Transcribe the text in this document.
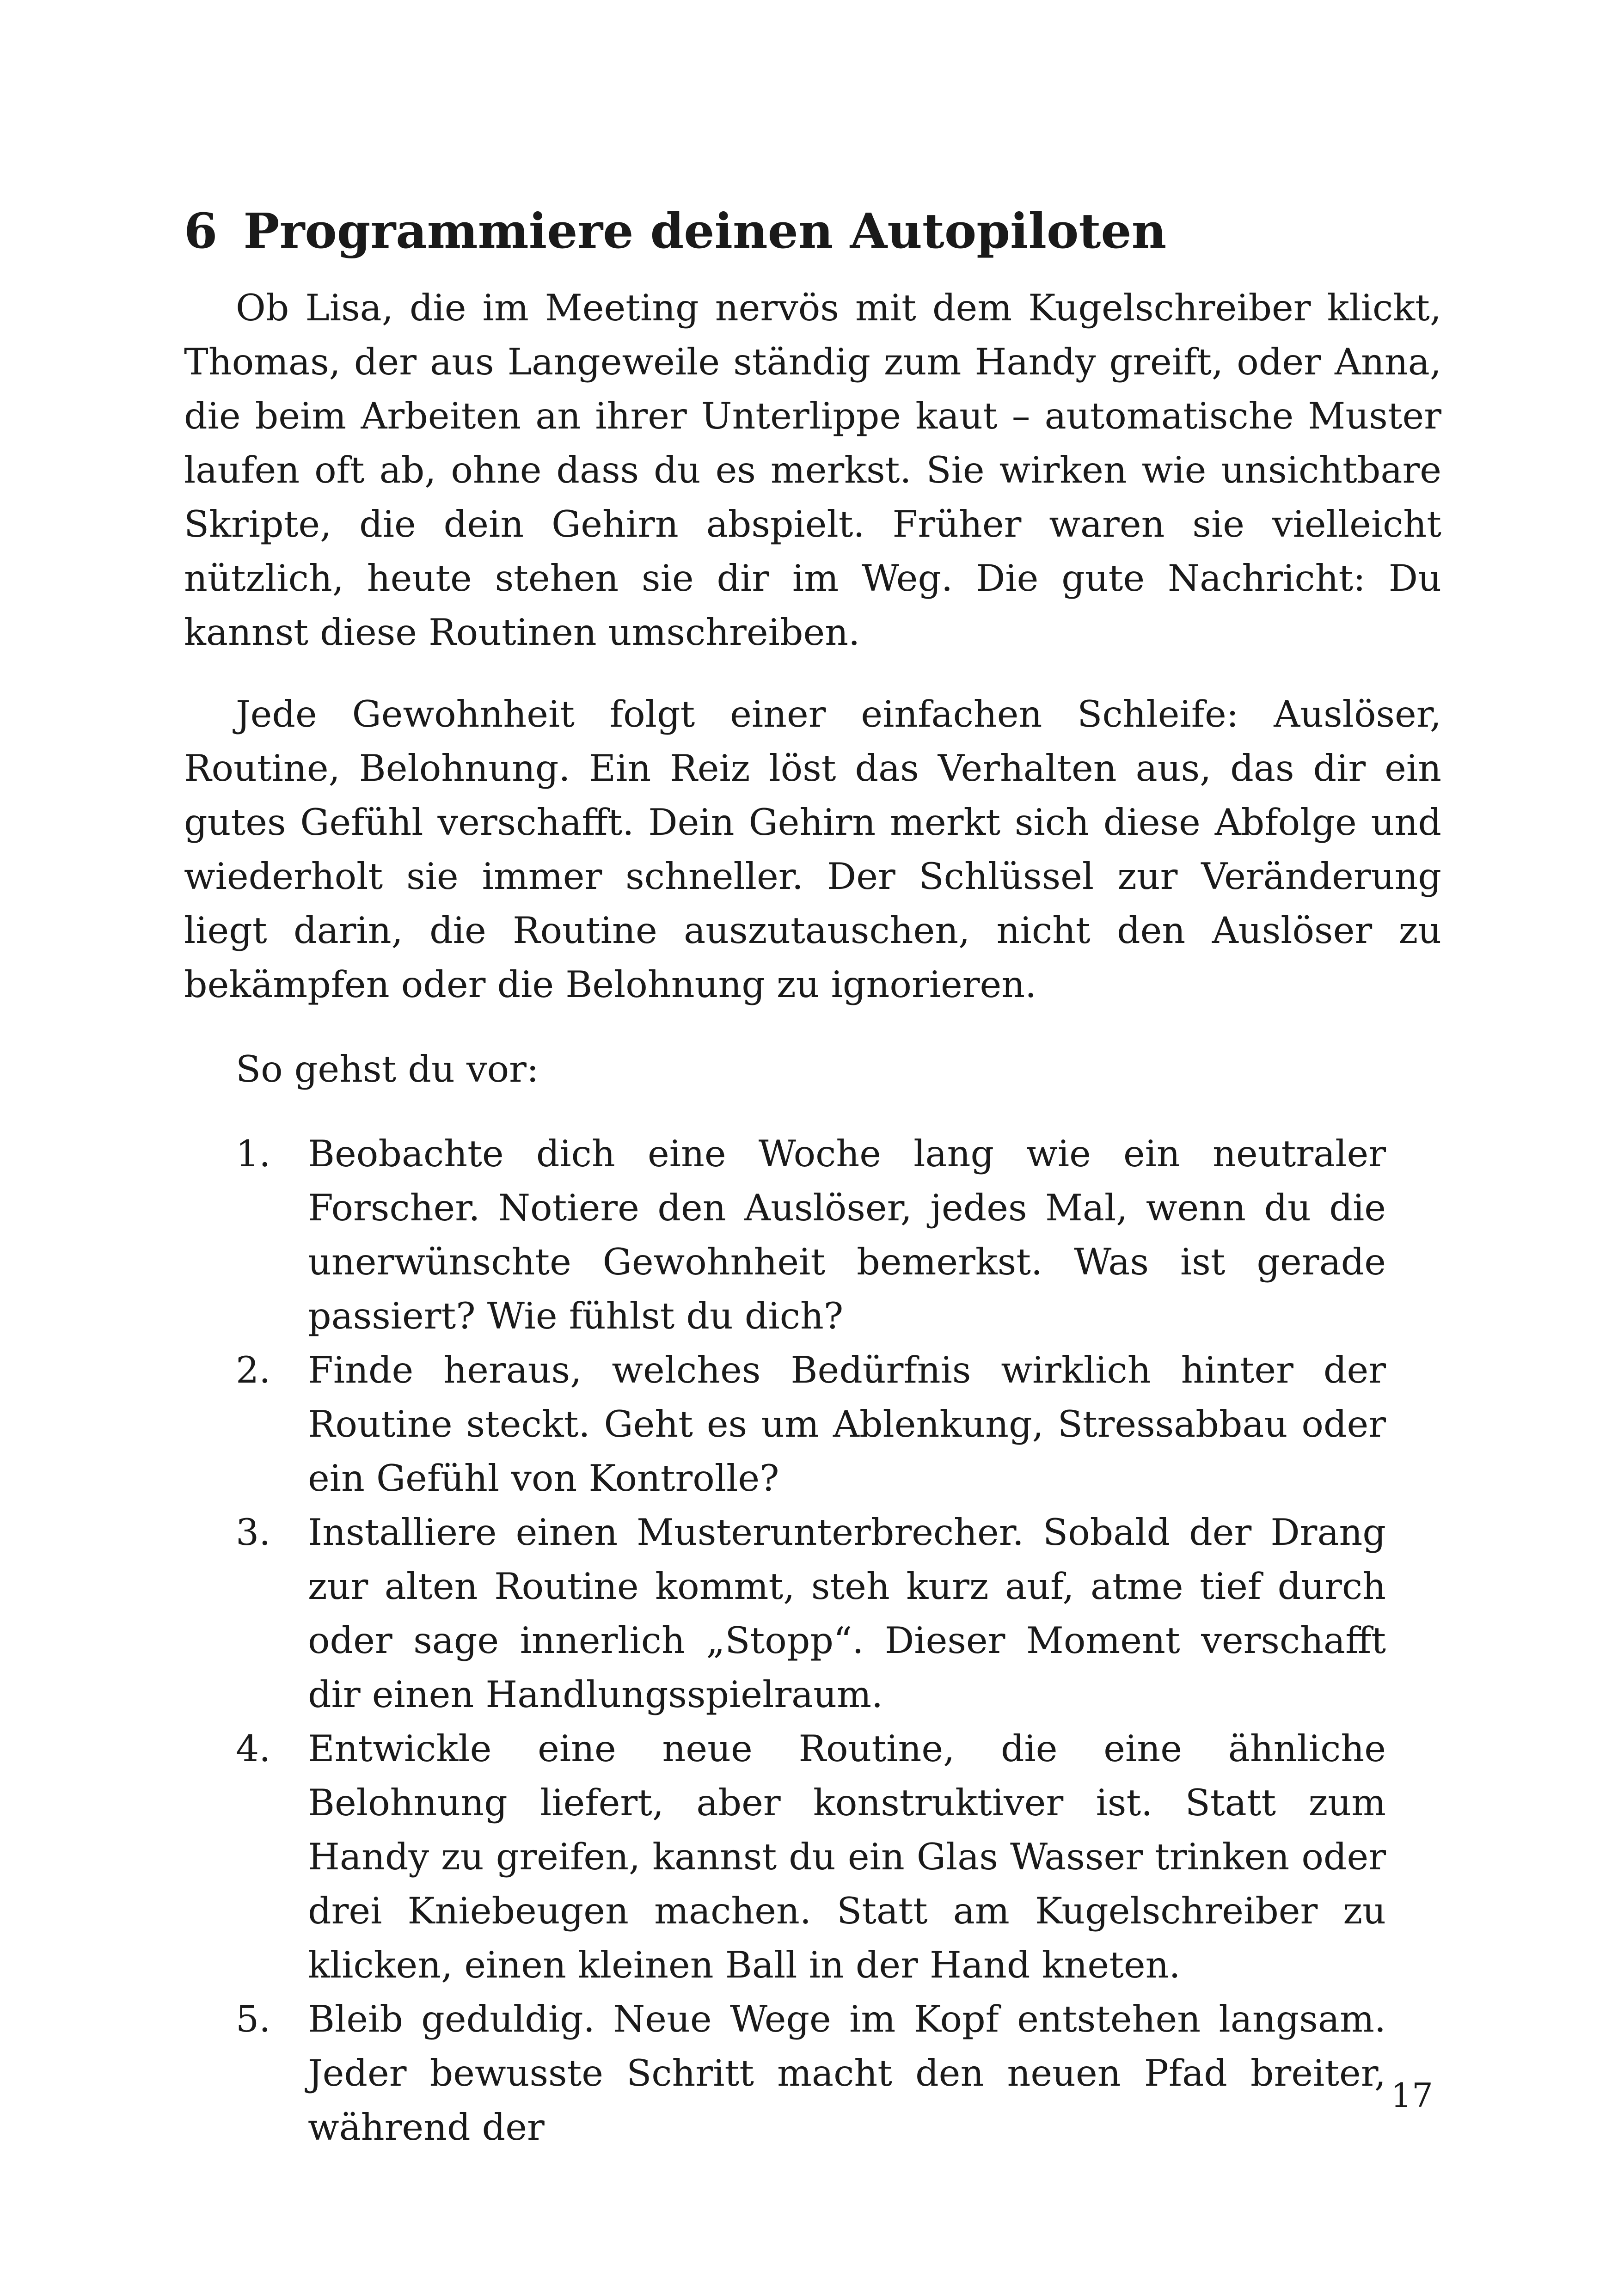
6 Programmiere deinen Autopiloten

Ob Lisa, die im Meeting nervös mit dem Kugelschreiber klickt, Thomas, der aus Langeweile ständig zum Handy greift, oder Anna, die beim Arbeiten an ihrer Unterlippe kaut – automatische Muster laufen oft ab, ohne dass du es merkst. Sie wirken wie unsichtbare Skripte, die dein Gehirn abspielt. Früher waren sie vielleicht nützlich, heute stehen sie dir im Weg. Die gute Nachricht: Du kannst diese Routinen umschreiben.

Jede Gewohnheit folgt einer einfachen Schleife: Auslöser, Routine, Belohnung. Ein Reiz löst das Verhalten aus, das dir ein gutes Gefühl verschafft. Dein Gehirn merkt sich diese Abfolge und wiederholt sie immer schneller. Der Schlüssel zur Veränderung liegt darin, die Routine auszutauschen, nicht den Auslöser zu bekämpfen oder die Belohnung zu ignorieren.

So gehst du vor:

1. Beobachte dich eine Woche lang wie ein neutraler Forscher. Notiere den Auslöser, jedes Mal, wenn du die unerwünschte Gewohnheit bemerkst. Was ist gerade passiert? Wie fühlst du dich?
2. Finde heraus, welches Bedürfnis wirklich hinter der Routine steckt. Geht es um Ablenkung, Stressabbau oder ein Gefühl von Kontrolle?
3. Installiere einen Musterunterbrecher. Sobald der Drang zur alten Routine kommt, steh kurz auf, atme tief durch oder sage innerlich „Stopp“. Dieser Moment verschafft dir einen Handlungsspielraum.
4. Entwickle eine neue Routine, die eine ähnliche Belohnung liefert, aber konstruktiver ist. Statt zum Handy zu greifen, kannst du ein Glas Wasser trinken oder drei Kniebeugen machen. Statt am Kugelschreiber zu klicken, einen kleinen Ball in der Hand kneten.
5. Bleib geduldig. Neue Wege im Kopf entstehen langsam. Jeder bewusste Schritt macht den neuen Pfad breiter, während der
17
